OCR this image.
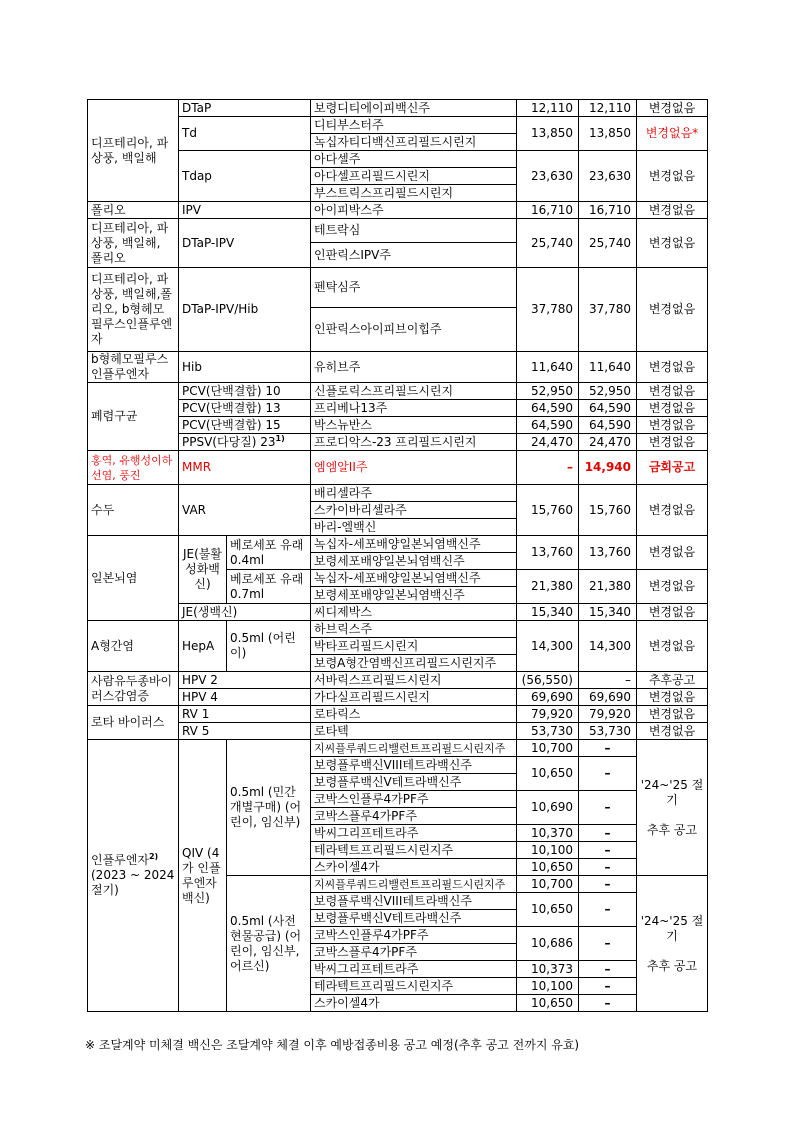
디프테리아, 파상풍, 백일해	DTaP		보령디티에이피백신주	12,110	12,110	변경없음
	Td		디티부스터주	13,850	13,850	변경없음*
			녹십자티디백신프리필드시린지			
	Tdap		아다셀주	23,630	23,630	변경없음
			아다셀프리필드시린지			
			부스트릭스프리필드시린지			
폴리오	IPV		아이피박스주	16,710	16,710	변경없음
디프테리아, 파상풍, 백일해, 폴리오	DTaP-IPV		테트락심	25,740	25,740	변경없음
			인판릭스IPV주			
디프테리아, 파상풍, 백일해,폴리오, b형헤모필루스인플루엔자	DTaP-IPV/Hib		펜탁심주	37,780	37,780	변경없음
			인판릭스아이피브이힙주			
b형헤모필루스 인플루엔자	Hib		유히브주	11,640	11,640	변경없음
폐렴구균	PCV(단백결합) 10		신플로릭스프리필드시린지	52,950	52,950	변경없음
	PCV(단백결합) 13		프리베나13주	64,590	64,590	변경없음
	PCV(단백결합) 15		박스뉴반스	64,590	64,590	변경없음
	PPSV(다당질) 23$^{1)}$		프로디악스-23 프리필드시린지	24,470	24,470	변경없음
홍역, 유행성이하선염, 풍진	MMR		엠엠알II주	–	14,940	금회공고
수두	VAR		배리셀라주	15,760	15,760	변경없음
			스카이바리셀라주			
			바리-엘백신			
일본뇌염	JE(불활성화백신)	베로세포 유래 0.4ml	녹십자-세포배양일본뇌염백신주	13,760	13,760	변경없음
			보령세포배양일본뇌염백신주			
		베로세포 유래 0.7ml	녹십자-세포배양일본뇌염백신주	21,380	21,380	변경없음
			보령세포배양일본뇌염백신주			
	JE(생백신)		씨디제박스	15,340	15,340	변경없음
A형간염	HepA	0.5ml (어린이)	하브릭스주	14,300	14,300	변경없음
			박타프리필드시린지			
			보령A형간염백신프리필드시린지주			
사람유두종바이러스감염증	HPV 2		서바릭스프리필드시린지	(56,550)	–	추후공고
	HPV 4		가다실프리필드시린지	69,690	69,690	변경없음
로타 바이러스	RV 1		로타릭스	79,920	79,920	변경없음
	RV 5		로타텍	53,730	53,730	변경없음
인플루엔자$^{2)}$
(2023 ~ 2024 절기)	QIV (4가 인플루엔자 백신)	0.5ml (민간개별구매) (어린이, 임신부)	지씨플루쿼드리밸런트프리필드시린지주	10,700	–	'24~'25 절기

추후 공고
			보령플루백신VIII테트라백신주	10,650	–	
			보령플루백신V테트라백신주			
			코박스인플루4가PF주	10,690	–	
			코박스플루4가PF주			
			박씨그리프테트라주	10,370	–	
			테라텍트프리필드시린지주	10,100	–	
			스카이셀4가	10,650	–	
		0.5ml (사전현물공급) (어린이, 임신부, 어르신)	지씨플루쿼드리밸런트프리필드시린지주	10,700	–	'24~'25 절기

추후 공고
			보령플루백신VIII테트라백신주	10,650	–	
			보령플루백신V테트라백신주			
			코박스인플루4가PF주	10,686	–	
			코박스플루4가PF주			
			박씨그리프테트라주	10,373	–	
			테라텍트프리필드시린지주	10,100	–	
			스카이셀4가	10,650	–	
※ 조달계약 미체결 백신은 조달계약 체결 이후 예방접종비용 공고 예정(추후 공고 전까지 유효)
